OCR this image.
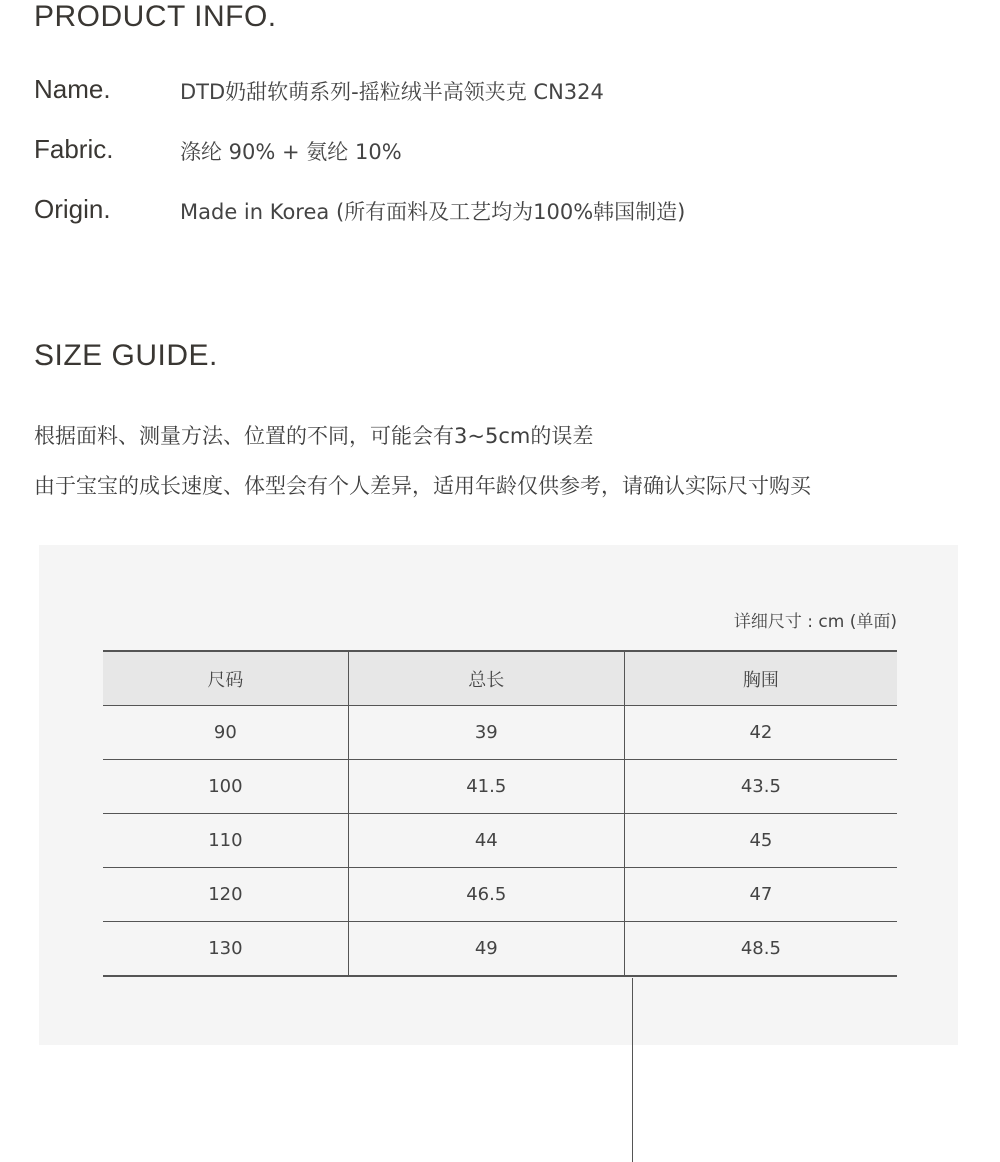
PRODUCT INFO.
Name.	DTD奶甜软萌系列-摇粒绒半高领夹克 CN324
Fabric.	涤纶 90% + 氨纶 10%
Origin.	Made in Korea (所有面料及工艺均为100%韩国制造)
SIZE GUIDE.
根据面料、测量方法、位置的不同，可能会有3~5cm的误差
由于宝宝的成长速度、体型会有个人差异，适用年龄仅供参考，请确认实际尺寸购买
详细尺寸 : cm (单面)
尺码	总长	胸围
90	39	42
100	41.5	43.5
110	44	45
120	46.5	47
130	49	48.5
